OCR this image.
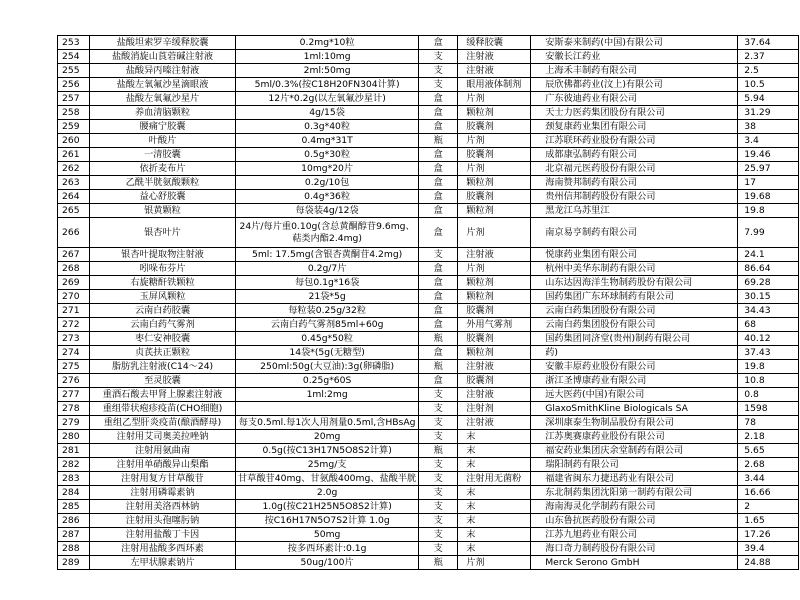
253	盐酸坦索罗辛缓释胶囊	0.2mg*10粒	盒	缓释胶囊	安斯泰来制药(中国)有限公司	37.64
254	盐酸消旋山莨菪碱注射液	1ml:10mg	支	注射液	安徽长江药业	2.37
255	盐酸异丙嗪注射液	2ml:50mg	支	注射液	上海禾丰制药有限公司	2.5
256	盐酸左氧氟沙星滴眼液	5ml/0.3%(按C18H20FN304计算)	支	眼用液体制剂	辰欣佛都药业(汶上)有限公司	10.5
257	盐酸左氧氟沙星片	12片*0.2g(以左氧氟沙星计)	盒	片剂	广东彼迪药业有限公司	5.94
258	养血清脑颗粒	4g/15袋	盒	颗粒剂	天士力医药集团股份有限公司	31.29
259	腰痛宁胶囊	0.3g*40粒	盒	胶囊剂	颈复康药业集团有限公司	38
260	叶酸片	0.4mg*31T	瓶	片剂	江苏联环药业股份有限公司	3.4
261	一清胶囊	0.5g*30粒	盒	胶囊剂	成都康弘制药有限公司	19.46
262	依折麦布片	10mg*20片	盒	片剂	北京福元医药股份有限公司	25.97
263	乙酰半胱氨酸颗粒	0.2g/10包	盒	颗粒剂	海南赞邦制药有限公司	17
264	益心舒胶囊	0.4g*36粒	盒	胶囊剂	贵州信邦制药股份有限公司	19.68
265	银黄颗粒	每袋装4g/12袋	盒	颗粒剂	黑龙江乌苏里江	19.8
266	银杏叶片	24片/每片重0.10g(含总黄酮醇苷9.6mg、萜类内酯2.4mg)	盒	片剂	南京易亨制药有限公司	7.99
267	银杏叶提取物注射液	5ml: 17.5mg(含银杏黄酮苷4.2mg)	支	注射液	悦康药业集团有限公司	24.1
268	吲哚布芬片	0.2g/7片	盒	片剂	杭州中美华东制药有限公司	86.64
269	右旋糖酐铁颗粒	每包0.1g*16袋	盒	颗粒剂	山东达因海洋生物制药股份有限公司	69.28
270	玉屏风颗粒	21袋*5g	盒	颗粒剂	国药集团广东环球制药有限公司	30.15
271	云南白药胶囊	每粒装0.25g/32粒	盒	胶囊剂	云南白药集团股份有限公司	34.43
272	云南白药气雾剂	云南白药气雾剂85ml+60g	盒	外用气雾剂	云南白药集团股份有限公司	68
273	枣仁安神胶囊	0.45g*50粒	瓶	胶囊剂	国药集团同济堂(贵州)制药有限公司	40.12
274	贞芪扶正颗粒	14袋*(5g(无糖型)	盒	颗粒剂	药)	37.43
275	脂肪乳注射液(C14～24)	250ml:50g(大豆油):3g(卵磷脂)	瓶	注射液	安徽丰原药业股份有限公司	19.8
276	至灵胶囊	0.25g*60S	盒	胶囊剂	浙江圣博康药业有限公司	10.8
277	重酒石酸去甲肾上腺素注射液	1ml:2mg	支	注射液	远大医药(中国)有限公司	0.8
278	重组带状疱疹疫苗(CHO细胞)		支	注射剂	GlaxoSmithKline Biologicals SA	1598
279	重组乙型肝炎疫苗(酿酒酵母)	每支0.5ml.每1次人用剂量0.5ml,含HBsAg	支	注射液	深圳康泰生物制品股份有限公司	78
280	注射用艾司奥美拉唑钠	20mg	支	末	江苏奥赛康药业股份有限公司	2.18
281	注射用氨曲南	0.5g(按C13H17N5O8S2计算)	瓶	末	福安药业集团庆余堂制药有限公司	5.65
282	注射用单硝酸异山梨酯	25mg/支	支	末	瑞阳制药有限公司	2.68
283	注射用复方甘草酸苷	甘草酸苷40mg、甘氨酸400mg、盐酸半胱	支	注射用无菌粉	福建省闽东力捷迅药业有限公司	3.44
284	注射用磷霉素钠	2.0g	支	末	东北制药集团沈阳第一制药有限公司	16.66
285	注射用美洛西林钠	1.0g(按C21H25N5O8S2计算)	支	末	海南海灵化学制药有限公司	2
286	注射用头孢噻肟钠	按C16H17N5O7S2计算 1.0g	支	末	山东鲁抗医药股份有限公司	1.65
287	注射用盐酸丁卡因	50mg	支	末	江苏九旭药业有限公司	17.26
288	注射用盐酸多西环素	按多西环素计:0.1g	支	末	海口奇力制药股份有限公司	39.4
289	左甲状腺素钠片	50ug/100片	瓶	片剂	Merck Serono GmbH	24.88
